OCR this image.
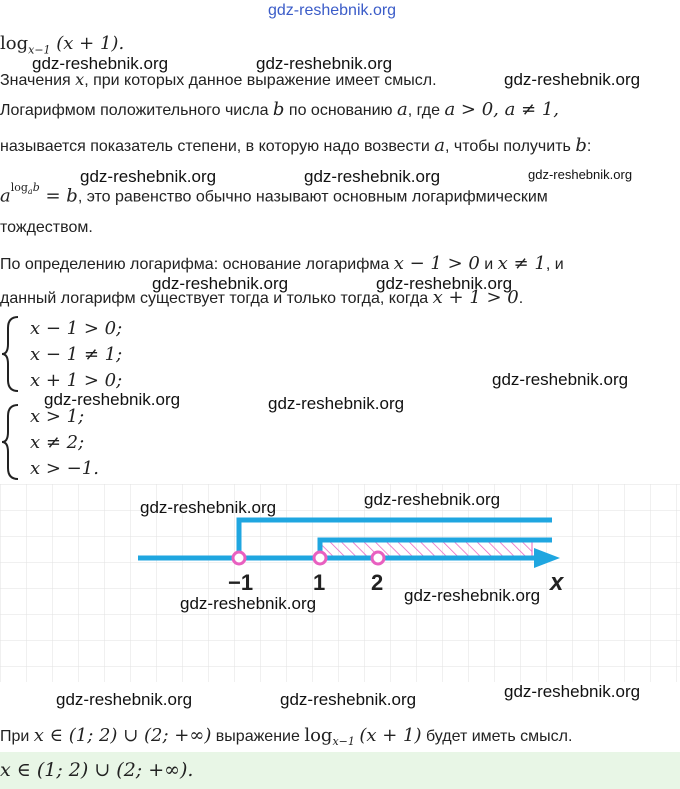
gdz-reshebnik.org
$\log_{x-1} (x + 1)$.
Значения x, при которых данное выражение имеет смысл.
Логарифмом положительного числа b по основанию a, где a > 0, a ≠ 1,
называется показатель степени, в которую надо возвести a, чтобы получить b:
$a^{log_ab} = b$, это равенство обычно называют основным логарифмическим
тождеством.
По определению логарифма: основание логарифма x − 1 > 0 и x ≠ 1, и
данный логарифм существует тогда и только тогда, когда x + 1 > 0.
x − 1 > 0;
x − 1 ≠ 1;
x + 1 > 0;
x > 1;
x ≠ 2;
x > −1.
−1	1 2	x
При x ∈ (1; 2) ∪ (2; +∞) выражение $\log_{x-1} (x + 1)$ будет иметь смысл.
x ∈ (1; 2) ∪ (2; +∞).
gdz-reshebnik.org	gdz-reshebnik.org
gdz-reshebnik.org
gdz-reshebnik.org	gdz-reshebnik.org	gdz-reshebnik.org
gdz-reshebnik.org	gdz-reshebnik.org
gdz-reshebnik.org
gdz-reshebnik.org	gdz-reshebnik.org
gdz-reshebnik.org
gdz-reshebnik.org
gdz-reshebnik.org
gdz-reshebnik.org
gdz-reshebnik.org
gdz-reshebnik.org	gdz-reshebnik.org
